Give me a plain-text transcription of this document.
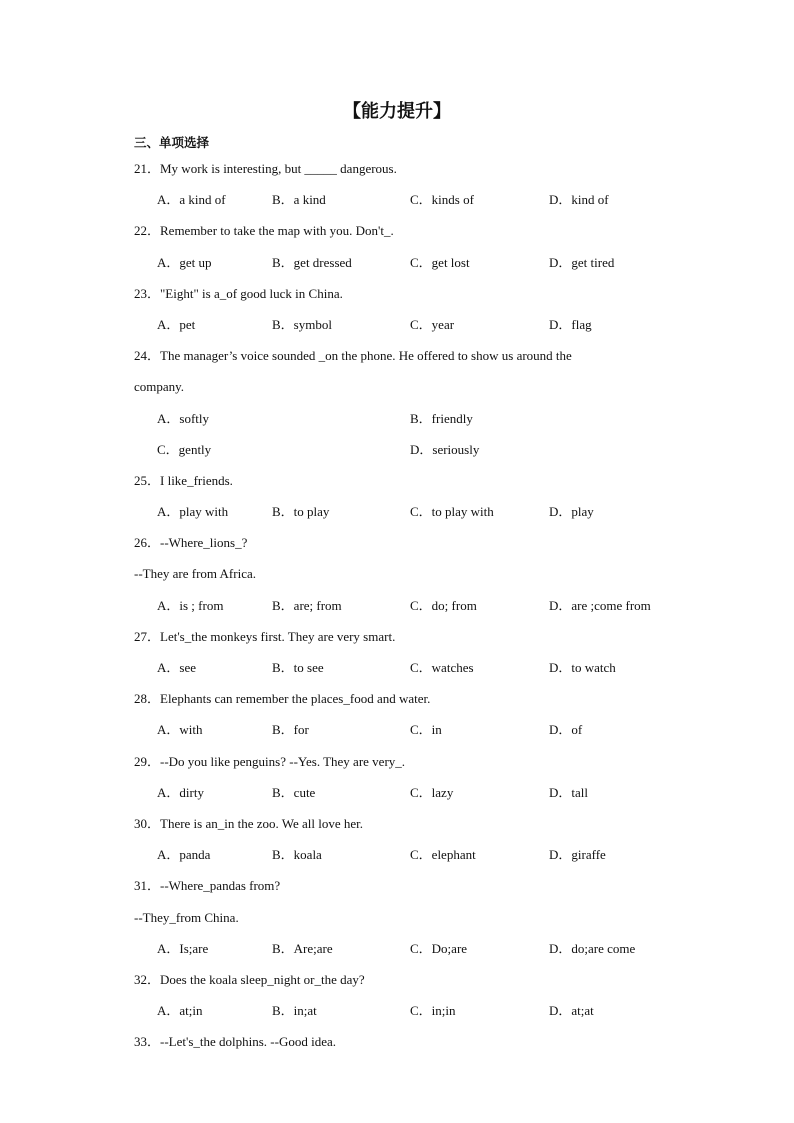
【能力提升】
三、单项选择
21．My work is interesting, but _____ dangerous.
A．a kind of	B．a kind	C．kinds of	D．kind of
22．Remember to take the map with you. Don't_.
A．get up	B．get dressed	C．get lost	D．get tired
23．"Eight" is a_of good luck in China.
A．pet	B．symbol	C．year	D．flag
24．The manager’s voice sounded _on the phone. He offered to show us around the
company.
A．softly	B．friendly
C．gently	D．seriously
25．I like_friends.
A．play with	B．to play	C．to play with	D．play
26．--Where_lions_?
--They are from Africa.
A．is ; from	B．are; from	C．do; from	D．are ;come from
27．Let's_the monkeys first. They are very smart.
A．see	B．to see	C．watches	D．to watch
28．Elephants can remember the places_food and water.
A．with	B．for	C．in	D．of
29．--Do you like penguins? --Yes. They are very_.
A．dirty	B．cute	C．lazy	D．tall
30．There is an_in the zoo. We all love her.
A．panda	B．koala	C．elephant	D．giraffe
31．--Where_pandas from?
--They_from China.
A．Is;are	B．Are;are	C．Do;are	D．do;are come
32．Does the koala sleep_night or_the day?
A．at;in	B．in;at	C．in;in	D．at;at
33．--Let's_the dolphins. --Good idea.
